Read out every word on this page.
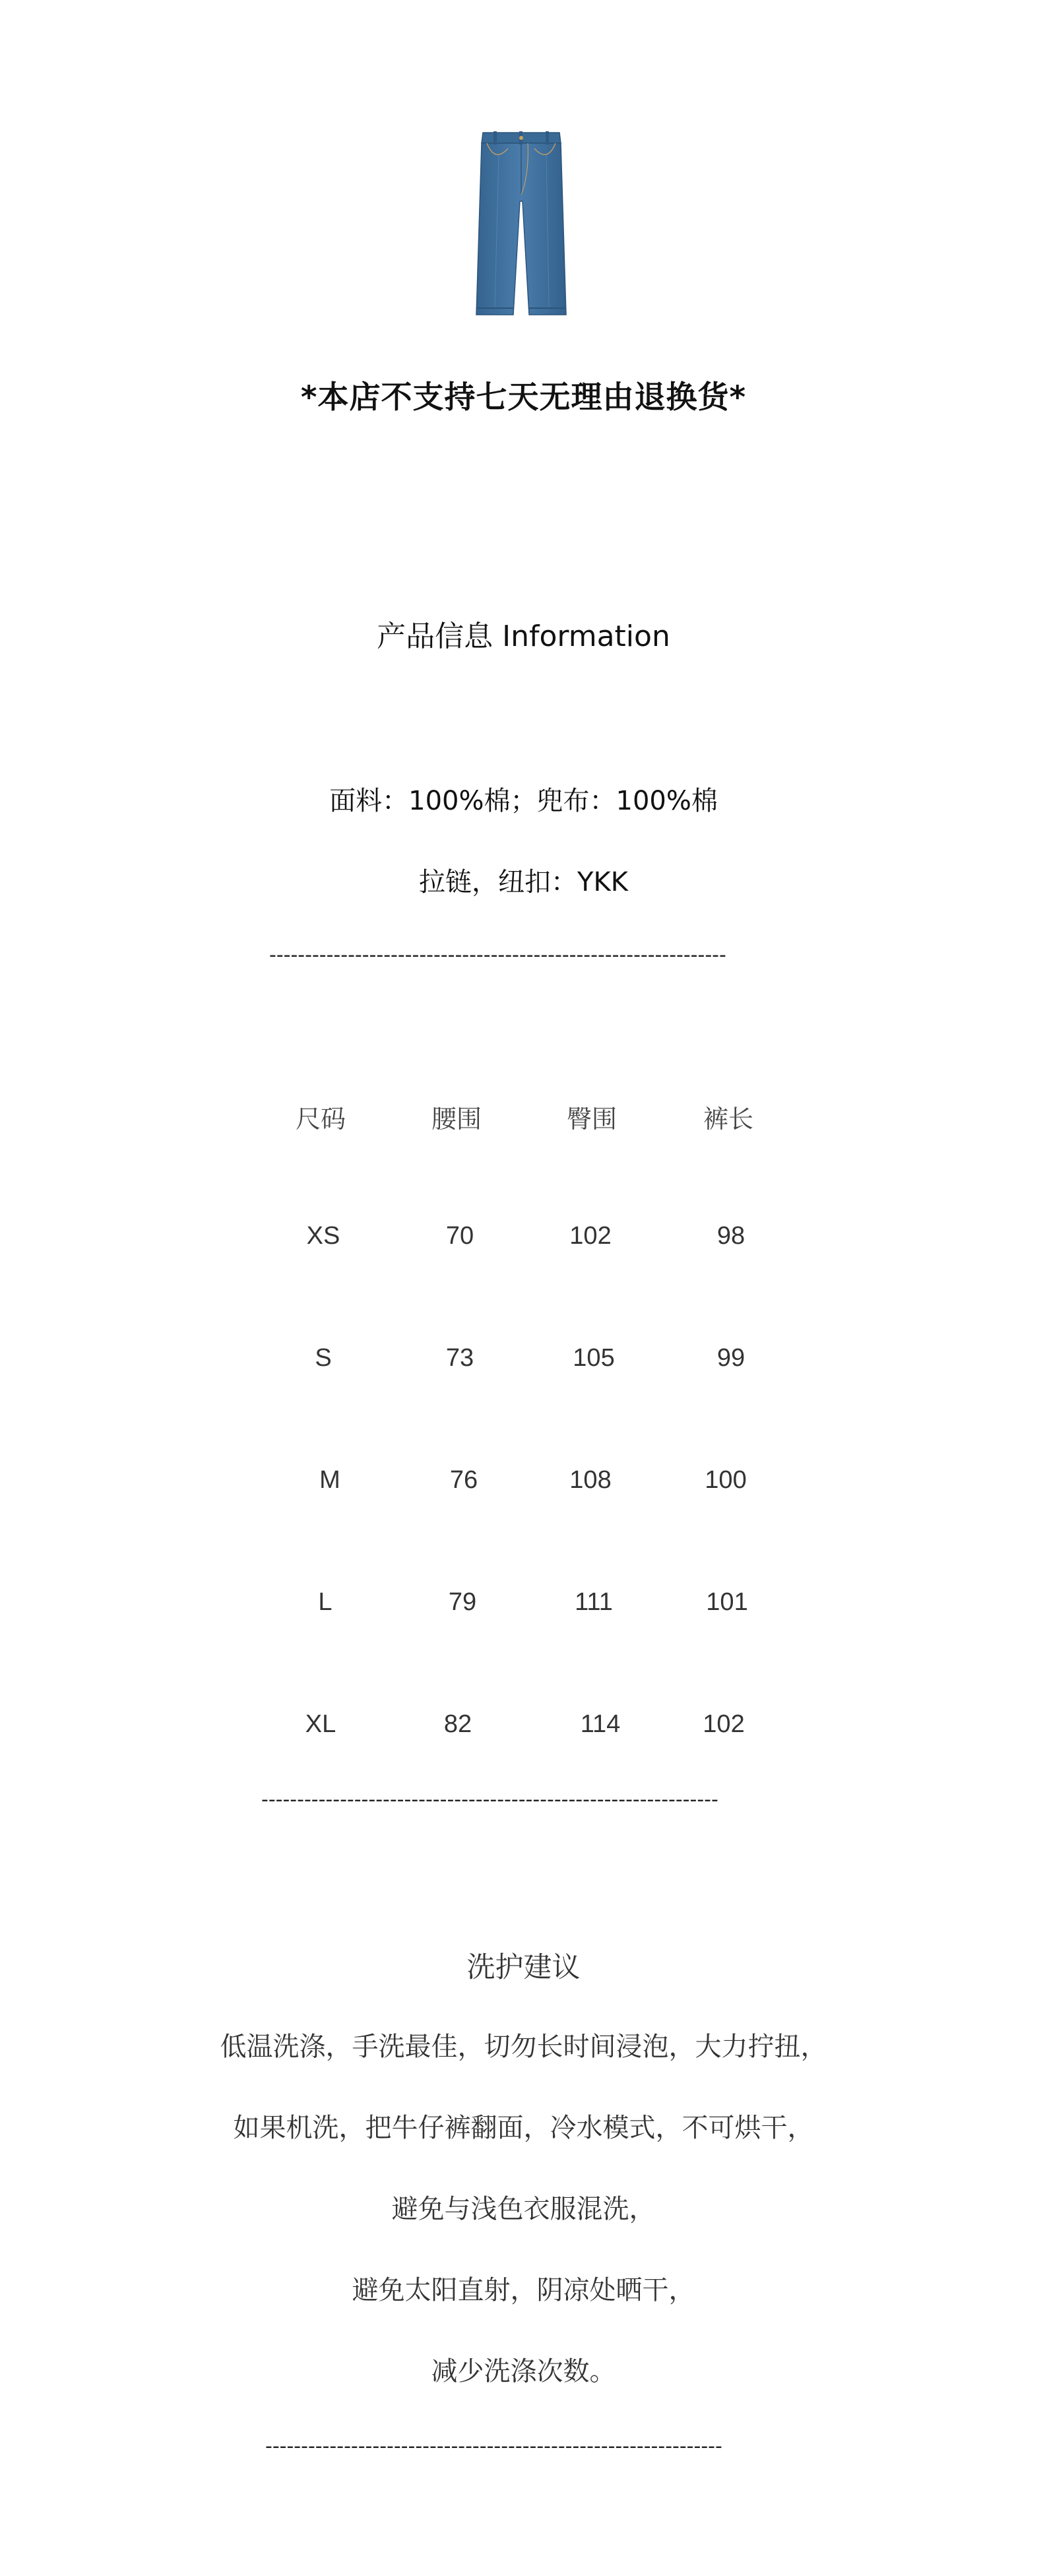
*本店不支持七天无理由退换货*
产品信息 Information
面料：100%棉；兜布：100%棉
拉链，纽扣：YKK
----------------------------------------------------------------
尺码	腰围	臀围	裤长
XS	70	102	98
S	73	105	99
M	76	108	100
L	79	111	101
XL	82	114	102
----------------------------------------------------------------
洗护建议
低温洗涤，手洗最佳，切勿长时间浸泡，大力拧扭，
如果机洗，把牛仔裤翻面，冷水模式，不可烘干，
避免与浅色衣服混洗，
避免太阳直射，阴凉处晒干，
减少洗涤次数。
----------------------------------------------------------------
